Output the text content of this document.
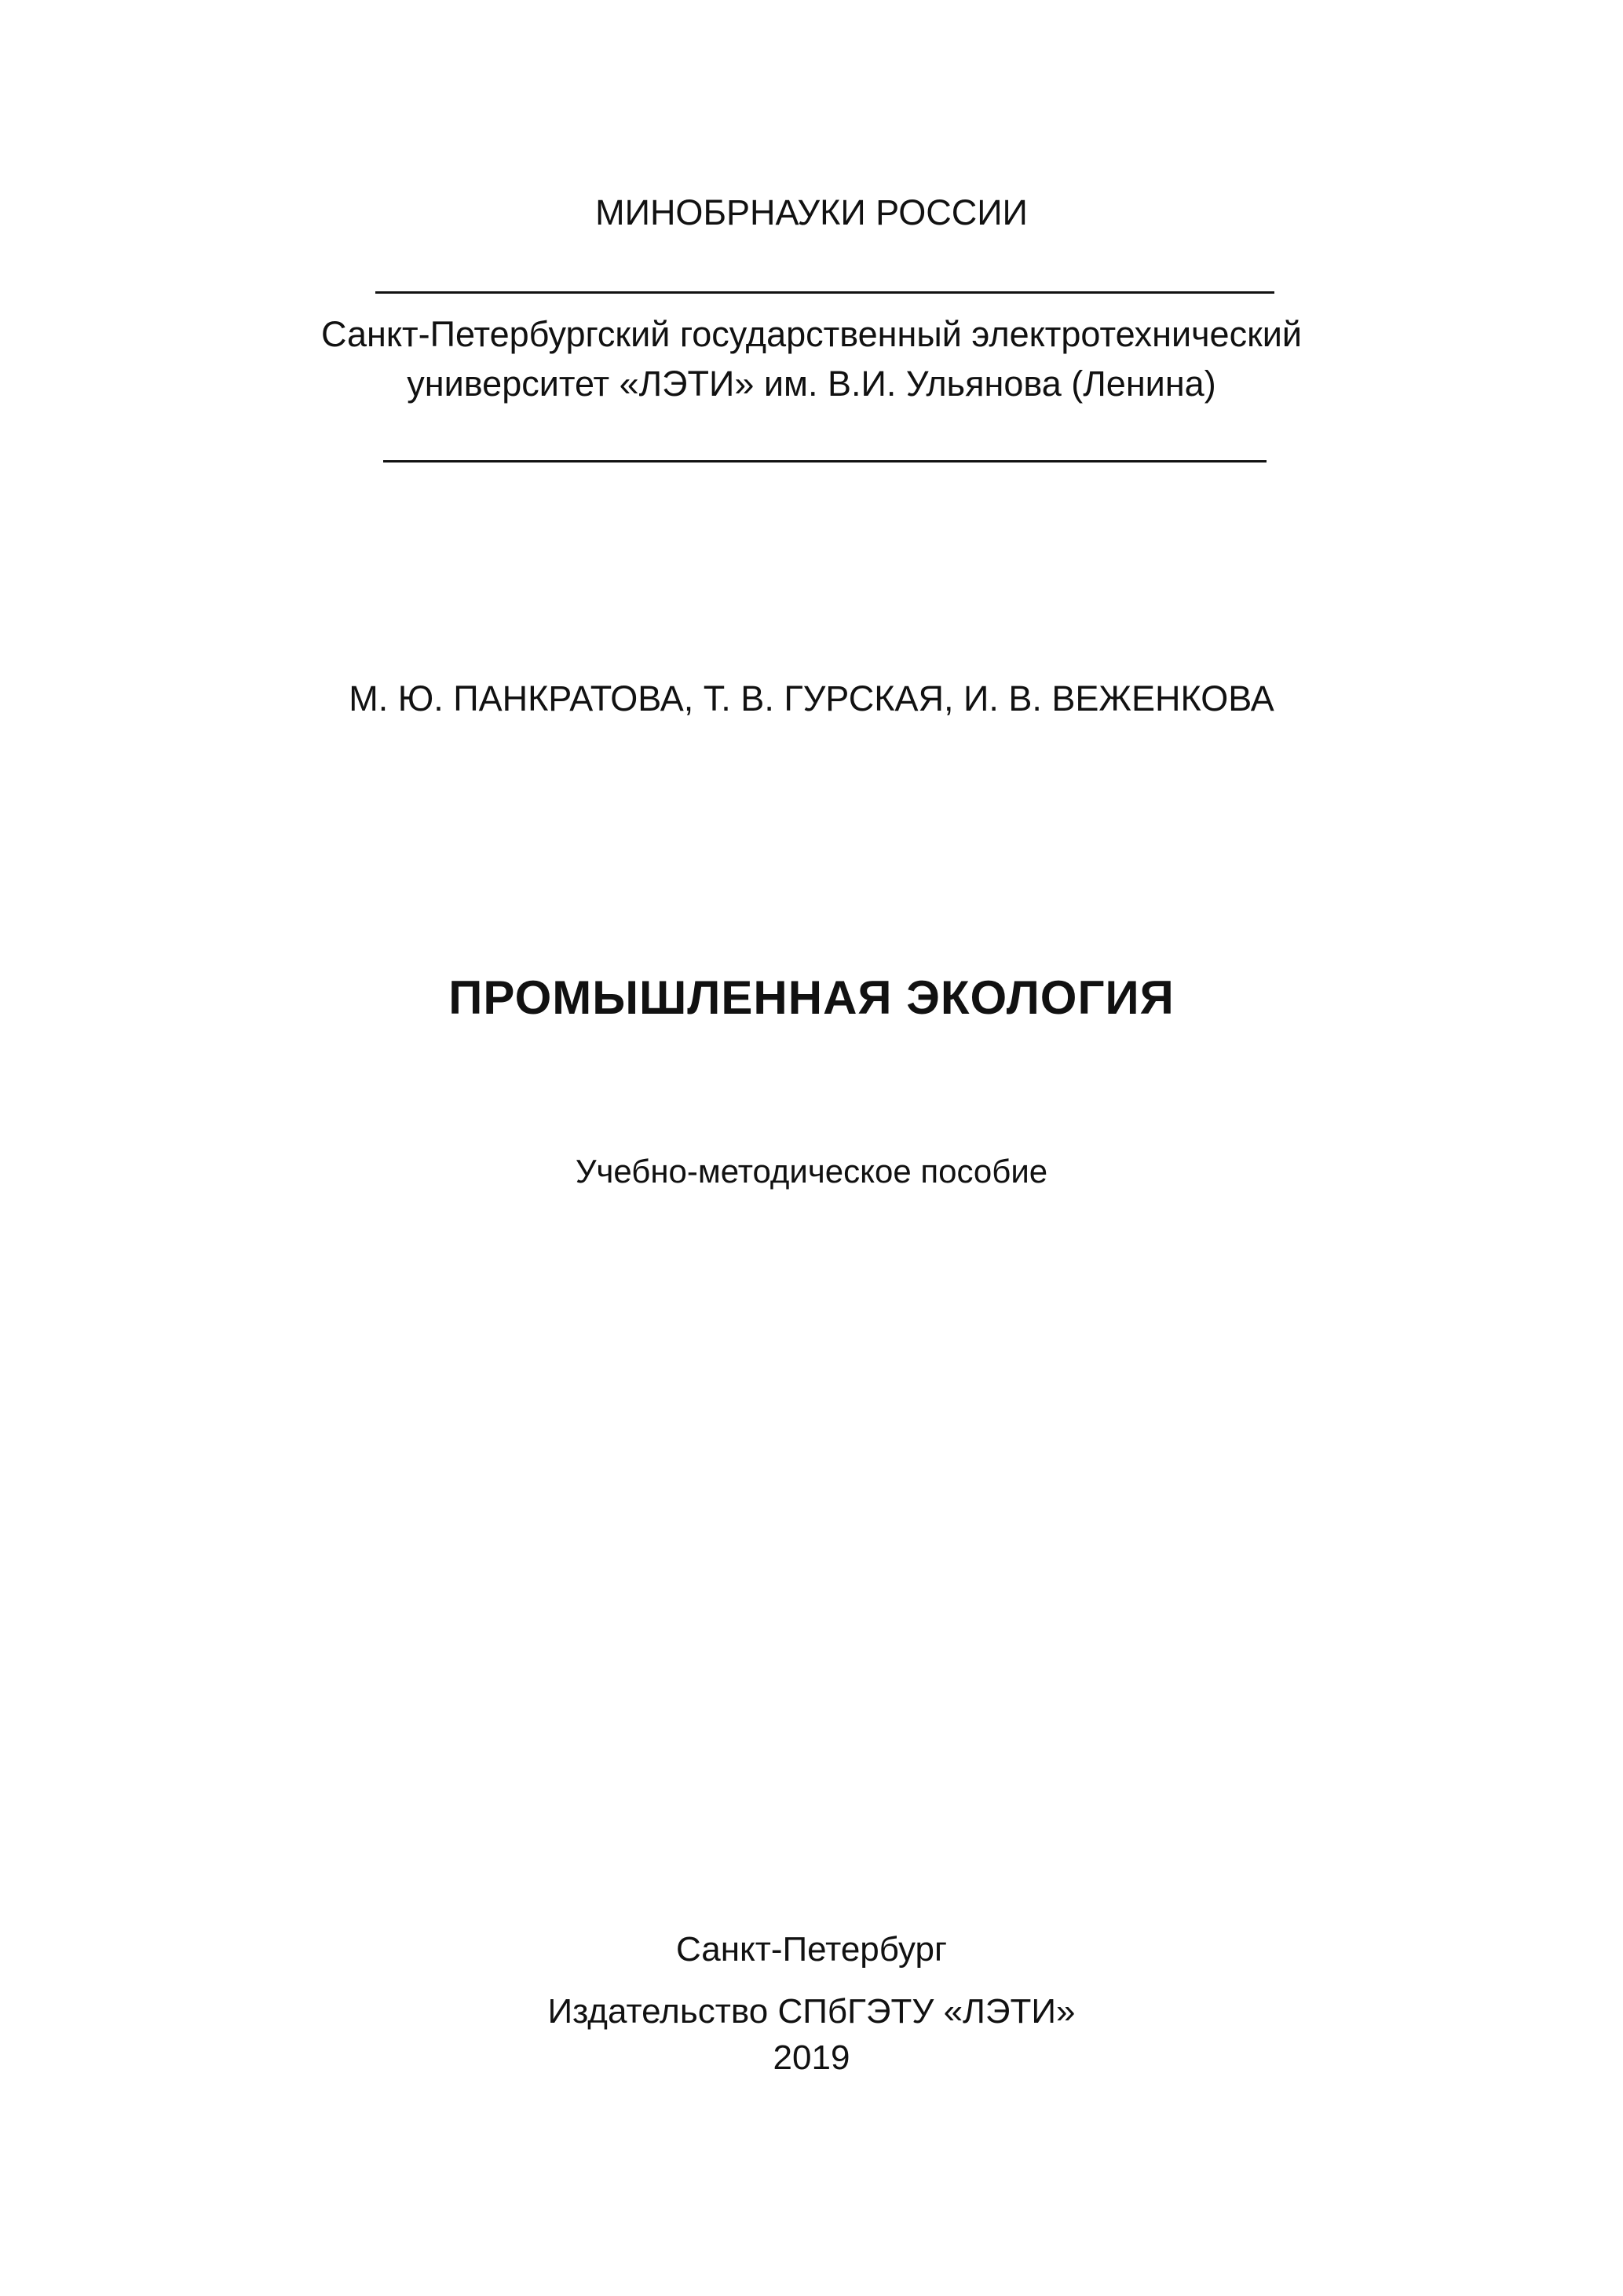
МИНОБРНАУКИ РОССИИ
Санкт-Петербургский государственный электротехнический
университет «ЛЭТИ» им. В.И. Ульянова (Ленина)
М. Ю. ПАНКРАТОВА, Т. В. ГУРСКАЯ, И. В. ВЕЖЕНКОВА
ПРОМЫШЛЕННАЯ ЭКОЛОГИЯ
Учебно-методическое пособие
Санкт-Петербург
Издательство СПбГЭТУ «ЛЭТИ»
2019
